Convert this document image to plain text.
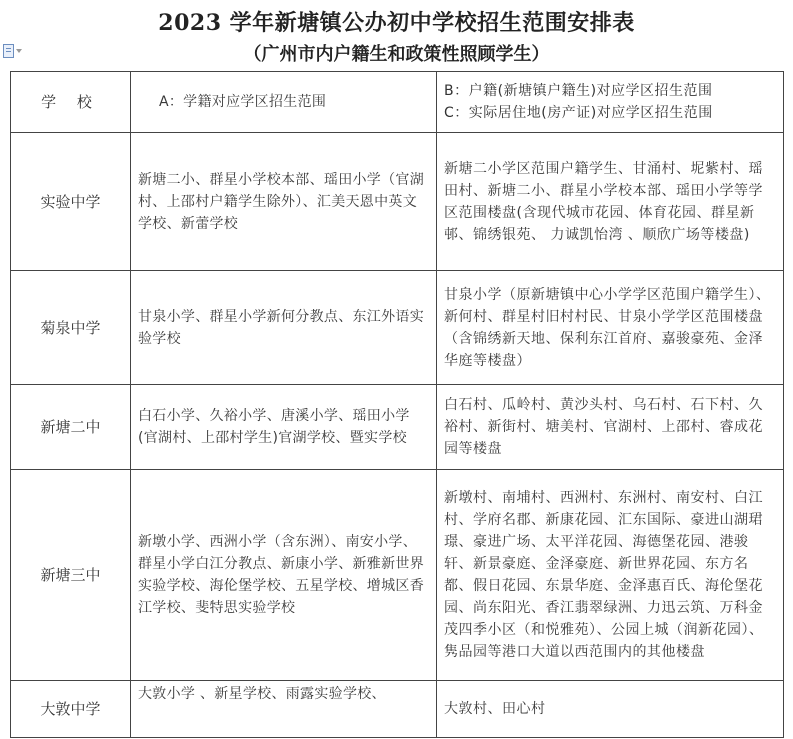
2023 学年新塘镇公办初中学校招生范围安排表
（广州市内户籍生和政策性照顾学生）
学 校	A：学籍对应学区招生范围	B：户籍(新塘镇户籍生)对应学区招生范围
C：实际居住地(房产证)对应学区招生范围

实验中学	新塘二小、群星小学校本部、瑶田小学（官湖村、上邵村户籍学生除外）、汇美天恩中英文学校、新蕾学校	新塘二小学区范围户籍学生、甘涌村、坭紫村、瑶田村、新塘二小、群星小学校本部、瑶田小学等学区范围楼盘(含现代城市花园、体育花园、群星新邨、锦绣银苑、 力诚凯怡湾 、顺欣广场等楼盘)
菊泉中学	甘泉小学、群星小学新何分教点、东江外语实验学校	甘泉小学（原新塘镇中心小学学区范围户籍学生）、新何村、群星村旧村村民、甘泉小学学区范围楼盘（含锦绣新天地、保利东江首府、嘉骏豪苑、金泽华庭等楼盘）
新塘二中	白石小学、久裕小学、唐溪小学、瑶田小学(官湖村、上邵村学生)官湖学校、暨实学校	白石村、瓜岭村、黄沙头村、乌石村、石下村、久裕村、新街村、塘美村、官湖村、上邵村、睿成花园等楼盘
新塘三中	新墩小学、西洲小学（含东洲）、南安小学、群星小学白江分教点、新康小学、新雅新世界实验学校、海伦堡学校、五星学校、增城区香江学校、斐特思实验学校	新墩村、南埔村、西洲村、东洲村、南安村、白江村、学府名郡、新康花园、汇东国际、豪进山湖珺璟、豪进广场、太平洋花园、海德堡花园、港骏轩、新景豪庭、金泽豪庭、新世界花园、东方名都、假日花园、东景华庭、金泽惠百氏、海伦堡花园、尚东阳光、香江翡翠绿洲、力迅云筑、万科金茂四季小区（和悦雅苑）、公园上城（润新花园）、隽品园等港口大道以西范围内的其他楼盘
大敦中学	大敦小学 、新星学校、雨露实验学校、	大敦村、田心村
